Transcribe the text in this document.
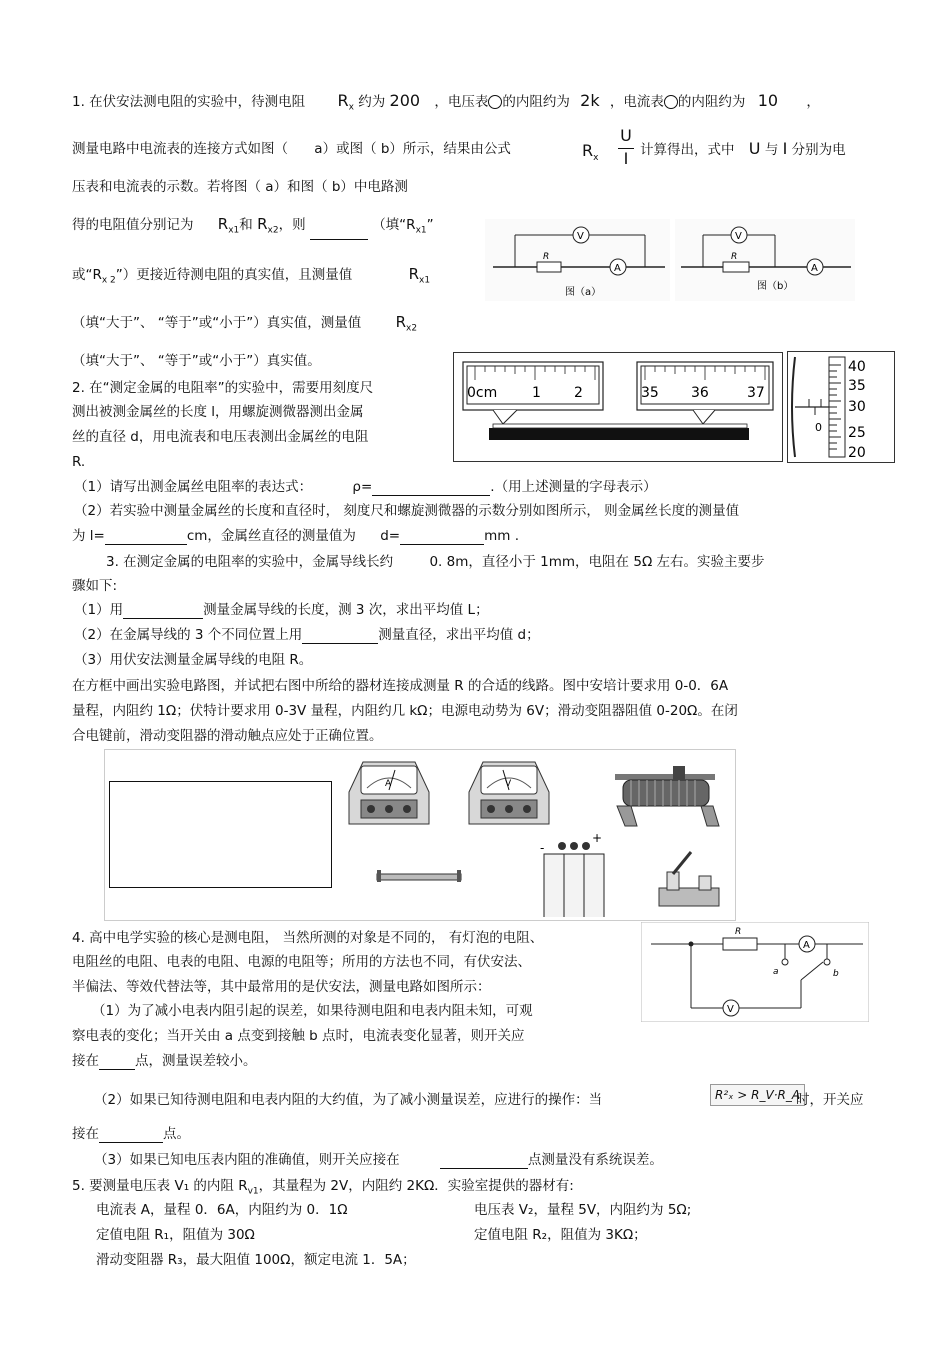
1. 在伏安法测电阻的实验中，待测电阻 $R_x$ 约为 200 ，电压表 的内阻约为 2k ，电流表 的内阻约为 10 ，
测量电路中电流表的连接方式如图（ a）或图（ b）所示，结果由公式	$R_x$
U
I 计算得出，式中 U 与 I 分别为电
压表和电流表的示数。若将图（ a）和图（ b）中电路测
得的电阻值分别记为 $R_{x1}$和 $R_{x2}$，则	（填“$R_{x1}$”
或“$R_{x 2}$”）更接近待测电阻的真实值，且测量值	$R_{x1}$
（填“大于”、 “等于”或“小于”）真实值，测量值 $R_{x2}$
（填“大于”、 “等于”或“小于”）真实值。
A
V
R
图（a）
A
V
R
图（b）
2. 在“测定金属的电阻率”的实验中，需要用刻度尺
测出被测金属丝的长度 l，用螺旋测微器测出金属
丝的直径 d，用电流表和电压表测出金属丝的电阻
R.
0cm 1 2	35 36	37
0
40
35
30
25
20
（1）请写出测金属丝电阻率的表达式：	ρ=	.（用上述测量的字母表示）
（2）若实验中测量金属丝的长度和直径时， 刻度尺和螺旋测微器的示数分别如图所示， 则金属丝长度的测量值
为 l=	cm，金属丝直径的测量值为 d=	mm .
3. 在测定金属的电阻率的实验中，金属导线长约	0. 8m，直径小于 1mm，电阻在 5Ω 左右。实验主要步
骤如下:
（1）用	测量金属导线的长度，测 3 次，求出平均值 L；
（2）在金属导线的 3 个不同位置上用	测量直径，求出平均值 d；
（3）用伏安法测量金属导线的电阻 R。
在方框中画出实验电路图，并试把右图中所给的器材连接成测量 R 的合适的线路。图中安培计要求用 0-0．6A
量程，内阻约 1Ω；伏特计要求用 0-3V 量程，内阻约几 kΩ；电源电动势为 6V；滑动变阻器阻值 0-20Ω。在闭
合电键前，滑动变阻器的滑动触点应处于正确位置。
A	V
+
-
4. 高中电学实验的核心是测电阻， 当然所测的对象是不同的， 有灯泡的电阻、
电阻丝的电阻、电表的电阻、电源的电阻等；所用的方法也不同，有伏安法、
半偏法、等效代替法等，其中最常用的是伏安法，测量电路如图所示：
（1）为了减小电表内阻引起的误差，如果待测电阻和电表内阻未知，可观
察电表的变化；当开关由 a 点变到接触 b 点时，电流表变化显著，则开关应
接在	点，测量误差较小。
R
A
V
a	b
（2）如果已知待测电阻和电表内阻的大约值，为了减小测量误差，应进行的操作：当	R²ₓ > R_V·R_A
时，开关应
接在	点。
（3）如果已知电压表内阻的准确值，则开关应接在	点测量没有系统误差。
5. 要测量电压表 V₁ 的内阻 $R_{v1}$，其量程为 2V，内阻约 2KΩ．实验室提供的器材有:
电流表 A，量程 0．6A，内阻约为 0．1Ω	电压表 V₂，量程 5V，内阻约为 5Ω;
定值电阻 R₁，阻值为 30Ω	定值电阻 R₂，阻值为 3KΩ；
滑动变阻器 R₃，最大阻值 100Ω，额定电流 1．5A；
